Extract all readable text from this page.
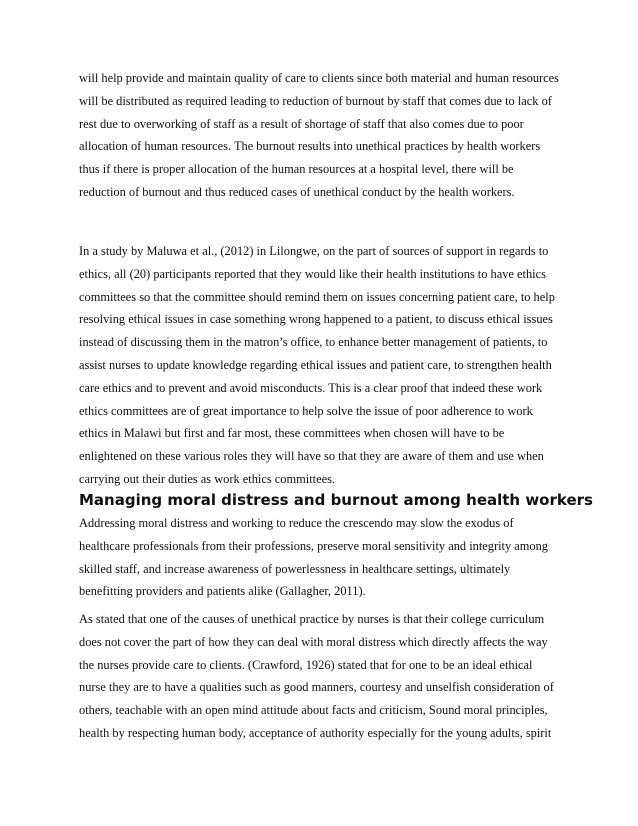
will help provide and maintain quality of care to clients since both material and human resources
will be distributed as required leading to reduction of burnout by staff that comes due to lack of
rest due to overworking of staff as a result of shortage of staff that also comes due to poor
allocation of human resources. The burnout results into unethical practices by health workers
thus if there is proper allocation of the human resources at a hospital level, there will be
reduction of burnout and thus reduced cases of unethical conduct by the health workers.

In a study by Maluwa et al., (2012) in Lilongwe, on the part of sources of support in regards to
ethics, all (20) participants reported that they would like their health institutions to have ethics
committees so that the committee should remind them on issues concerning patient care, to help
resolving ethical issues in case something wrong happened to a patient, to discuss ethical issues
instead of discussing them in the matron’s office, to enhance better management of patients, to
assist nurses to update knowledge regarding ethical issues and patient care, to strengthen health
care ethics and to prevent and avoid misconducts. This is a clear proof that indeed these work
ethics committees are of great importance to help solve the issue of poor adherence to work
ethics in Malawi but first and far most, these committees when chosen will have to be
enlightened on these various roles they will have so that they are aware of them and use when
carrying out their duties as work ethics committees.

Managing moral distress and burnout among health workers

Addressing moral distress and working to reduce the crescendo may slow the exodus of
healthcare professionals from their professions, preserve moral sensitivity and integrity among
skilled staff, and increase awareness of powerlessness in healthcare settings, ultimately
benefitting providers and patients alike (Gallagher, 2011).

As stated that one of the causes of unethical practice by nurses is that their college curriculum
does not cover the part of how they can deal with moral distress which directly affects the way
the nurses provide care to clients. (Crawford, 1926) stated that for one to be an ideal ethical
nurse they are to have a qualities such as good manners, courtesy and unselfish consideration of
others, teachable with an open mind attitude about facts and criticism, Sound moral principles,
health by respecting human body, acceptance of authority especially for the young adults, spirit
